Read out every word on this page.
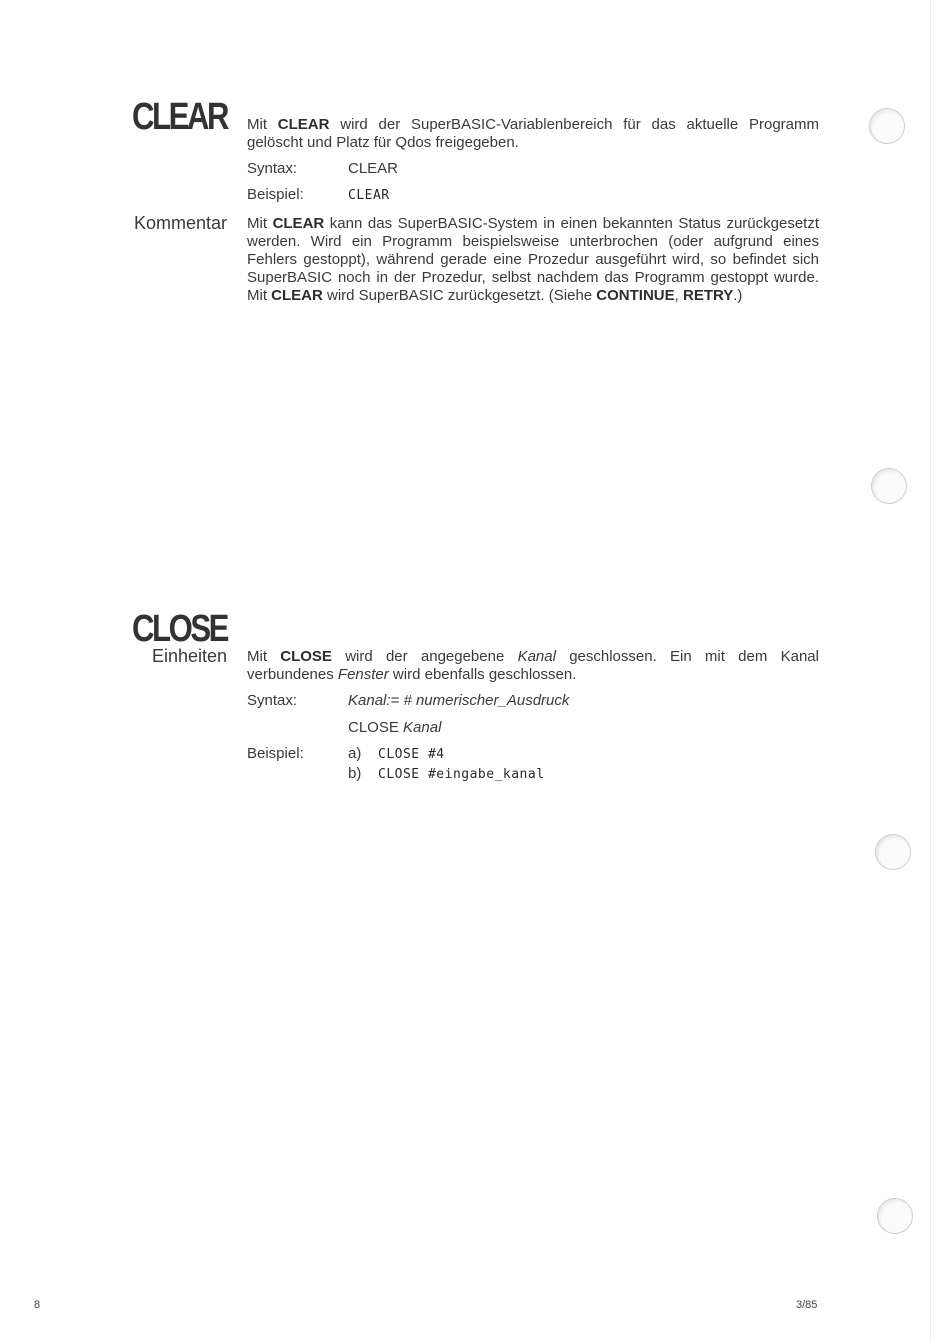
CLEAR Mit CLEAR wird der SuperBASIC-Variablenbereich für das aktuelle Programm gelöscht und Platz für Qdos freigegeben.
Syntax:	CLEAR
Beispiel:	CLEAR
Kommentar Mit CLEAR kann das SuperBASIC-System in einen bekannten Status zurückgesetzt werden. Wird ein Programm beispielsweise unterbrochen (oder aufgrund eines Fehlers gestoppt), während gerade eine Prozedur ausgeführt wird, so befindet sich SuperBASIC noch in der Prozedur, selbst nachdem das Programm gestoppt wurde. Mit CLEAR wird SuperBASIC zurückgesetzt. (Siehe CONTINUE, RETRY.)
CLOSE
Einheiten Mit CLOSE wird der angegebene Kanal geschlossen. Ein mit dem Kanal verbundenes Fenster wird ebenfalls geschlossen.
Syntax:	Kanal:= # numerischer_Ausdruck
CLOSE Kanal
Beispiel:	a) CLOSE #4
b) CLOSE #eingabe_kanal
8	3/85
